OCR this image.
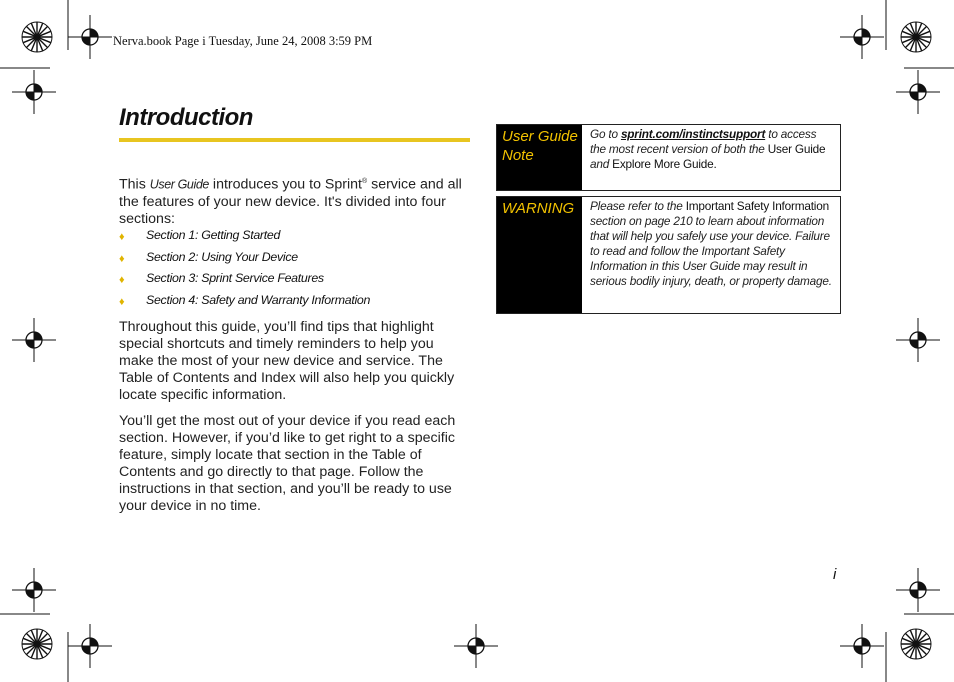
Nerva.book Page i Tuesday, June 24, 2008 3:59 PM
Introduction
This User Guide introduces you to Sprint® service and all the features of your new device. It's divided into four sections:
♦ Section 1: Getting Started
♦ Section 2: Using Your Device
♦ Section 3: Sprint Service Features
♦ Section 4: Safety and Warranty Information
Throughout this guide, you’ll find tips that highlight special shortcuts and timely reminders to help you make the most of your new device and service. The Table of Contents and Index will also help you quickly locate specific information.
You’ll get the most out of your device if you read each section. However, if you’d like to get right to a specific feature, simply locate that section in the Table of Contents and go directly to that page. Follow the instructions in that section, and you’ll be ready to use your device in no time.
User Guide Note
Go to sprint.com/instinctsupport to access the most recent version of both the User Guide and Explore More Guide.
WARNING	Please refer to the Important Safety Information section on page 210 to learn about information that will help you safely use your device. Failure to read and follow the Important Safety Information in this User Guide may result in serious bodily injury, death, or property damage.
i
